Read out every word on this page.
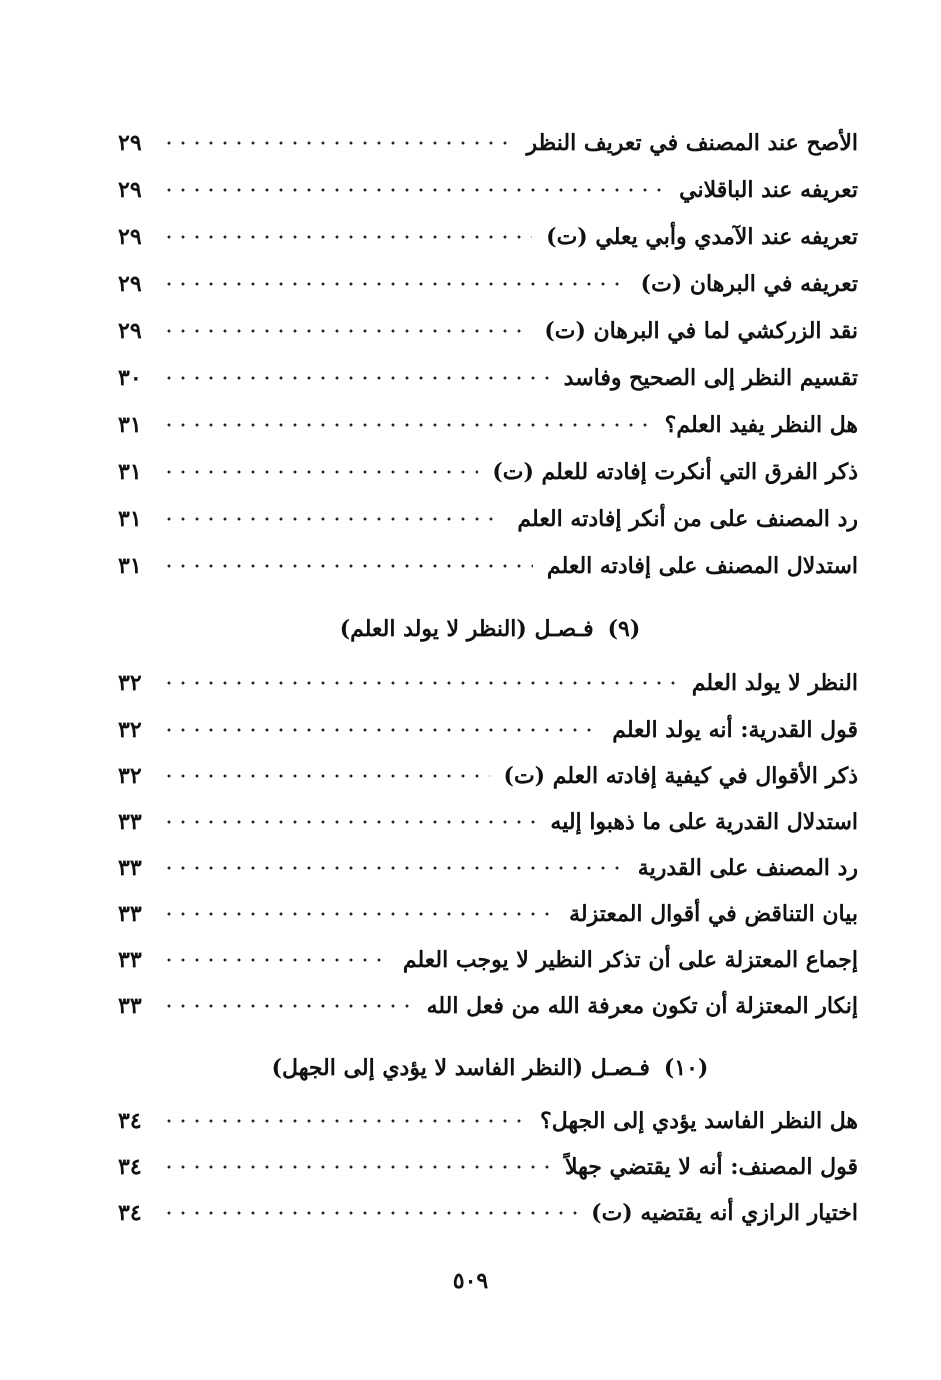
الأصح عند المصنف في تعريف النظر
٢٩
تعريفه عند الباقلاني
٢٩
تعريفه عند الآمدي وأبي يعلي (ت)
٢٩
تعريفه في البرهان (ت)
٢٩
نقد الزركشي لما في البرهان (ت)
٢٩
تقسيم النظر إلى الصحيح وفاسد
٣٠
هل النظر يفيد العلم؟
٣١
ذكر الفرق التي أنكرت إفادته للعلم (ت)
٣١
رد المصنف على من أنكر إفادته العلم
٣١
استدلال المصنف على إفادته العلم
٣١
(٩)فـصـل (النظر لا يولد العلم)
النظر لا يولد العلم
٣٢
قول القدرية: أنه يولد العلم
٣٢
ذكر الأقوال في كيفية إفادته العلم (ت)
٣٢
استدلال القدرية على ما ذهبوا إليه
٣٣
رد المصنف على القدرية
٣٣
بيان التناقض في أقوال المعتزلة
٣٣
إجماع المعتزلة على أن تذكر النظير لا يوجب العلم
٣٣
إنكار المعتزلة أن تكون معرفة الله من فعل الله
٣٣
(١٠)فـصـل (النظر الفاسد لا يؤدي إلى الجهل)
هل النظر الفاسد يؤدي إلى الجهل؟
٣٤
قول المصنف: أنه لا يقتضي جهلاً
٣٤
اختيار الرازي أنه يقتضيه (ت)
٣٤
٥٠٩
